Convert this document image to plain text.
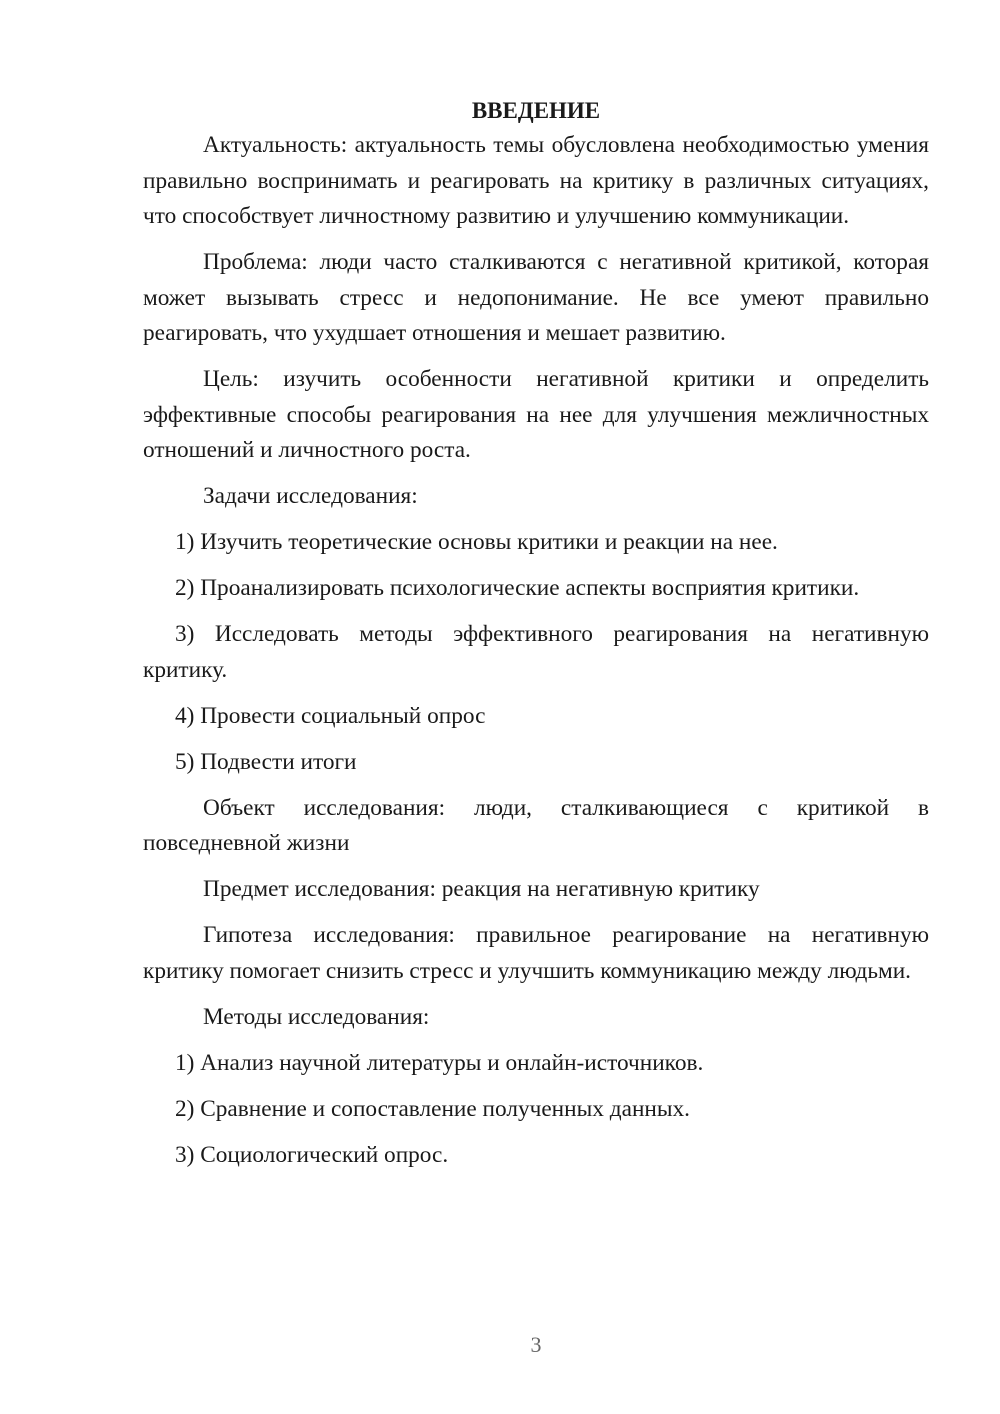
ВВЕДЕНИЕ

Актуальность: актуальность темы обусловлена необходимостью умения правильно воспринимать и реагировать на критику в различных ситуациях, что способствует личностному развитию и улучшению коммуникации.

Проблема: люди часто сталкиваются с негативной критикой, которая может вызывать стресс и недопонимание. Не все умеют правильно реагировать, что ухудшает отношения и мешает развитию.

Цель: изучить особенности негативной критики и определить эффективные способы реагирования на нее для улучшения межличностных отношений и личностного роста.

Задачи исследования:

1) Изучить теоретические основы критики и реакции на нее.

2) Проанализировать психологические аспекты восприятия критики.

3) Исследовать методы эффективного реагирования на негативную критику.

4) Провести социальный опрос

5) Подвести итоги

Объект исследования: люди, сталкивающиеся с критикой в повседневной жизни

Предмет исследования: реакция на негативную критику

Гипотеза исследования: правильное реагирование на негативную критику помогает снизить стресс и улучшить коммуникацию между людьми.

Методы исследования:

1) Анализ научной литературы и онлайн-источников.

2) Сравнение и сопоставление полученных данных.

3) Социологический опрос.

3
